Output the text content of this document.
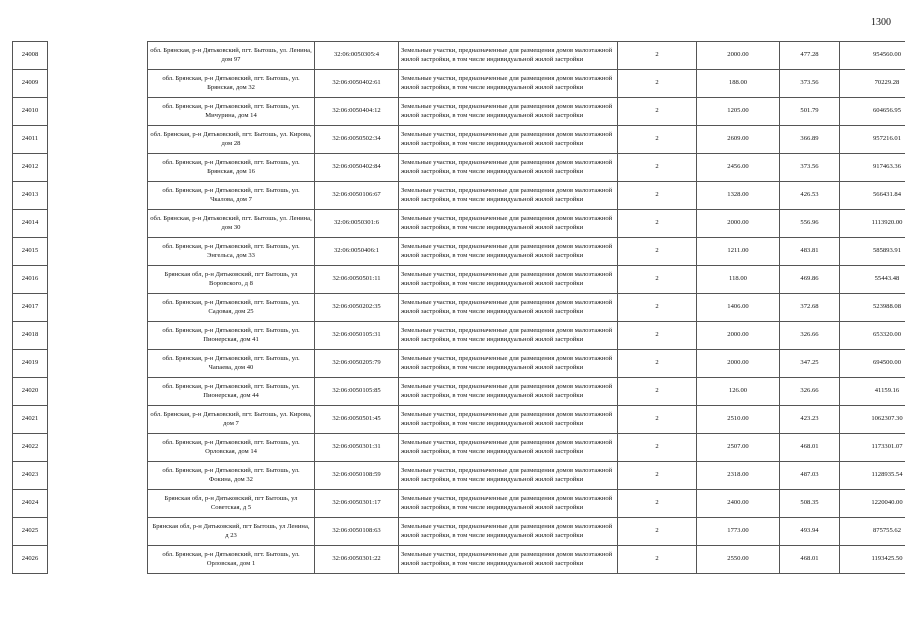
1300
24008		обл. Брянская, р-н Дятьковский, пгт. Бытошь, ул. Ленина, дом 97	32:06:0050305:4	Земельные участки, предназначенные для размещения домов малоэтажной жилой застройки, в том числе индивидуальной жилой застройки	2	2000.00	477.28	954560.00
24009		обл. Брянская, р-н Дятьковский, пгт. Бытошь, ул. Брянская, дом 32	32:06:0050402:61	Земельные участки, предназначенные для размещения домов малоэтажной жилой застройки, в том числе индивидуальной жилой застройки	2	188.00	373.56	70229.28
24010		обл. Брянская, р-н Дятьковский, пгт. Бытошь, ул. Мичурина, дом 14	32:06:0050404:12	Земельные участки, предназначенные для размещения домов малоэтажной жилой застройки, в том числе индивидуальной жилой застройки	2	1205.00	501.79	604656.95
24011		обл. Брянская, р-н Дятьковский, пгт. Бытошь, ул. Кирова, дом 28	32:06:0050502:34	Земельные участки, предназначенные для размещения домов малоэтажной жилой застройки, в том числе индивидуальной жилой застройки	2	2609.00	366.89	957216.01
24012		обл. Брянская, р-н Дятьковский, пгт. Бытошь, ул. Брянская, дом 16	32:06:0050402:84	Земельные участки, предназначенные для размещения домов малоэтажной жилой застройки, в том числе индивидуальной жилой застройки	2	2456.00	373.56	917463.36
24013		обл. Брянская, р-н Дятьковский, пгт. Бытошь, ул. Чкалова, дом 7	32:06:0050106:67	Земельные участки, предназначенные для размещения домов малоэтажной жилой застройки, в том числе индивидуальной жилой застройки	2	1328.00	426.53	566431.84
24014		обл. Брянская, р-н Дятьковский, пгт. Бытошь, ул. Ленина, дом 30	32:06:0050301:6	Земельные участки, предназначенные для размещения домов малоэтажной жилой застройки, в том числе индивидуальной жилой застройки	2	2000.00	556.96	1113920.00
24015		обл. Брянская, р-н Дятьковский, пгт. Бытошь, ул. Энгельса, дом 33	32:06:0050406:1	Земельные участки, предназначенные для размещения домов малоэтажной жилой застройки, в том числе индивидуальной жилой застройки	2	1211.00	483.81	585893.91
24016		Брянская обл, р-н Дятьковский, пгт Бытошь, ул Воровского, д 8	32:06:0050501:11	Земельные участки, предназначенные для размещения домов малоэтажной жилой застройки, в том числе индивидуальной жилой застройки	2	118.00	469.86	55443.48
24017		обл. Брянская, р-н Дятьковский, пгт. Бытошь, ул. Садовая, дом 25	32:06:0050202:35	Земельные участки, предназначенные для размещения домов малоэтажной жилой застройки, в том числе индивидуальной жилой застройки	2	1406.00	372.68	523988.08
24018		обл. Брянская, р-н Дятьковский, пгт. Бытошь, ул. Пионерская, дом 41	32:06:0050105:31	Земельные участки, предназначенные для размещения домов малоэтажной жилой застройки, в том числе индивидуальной жилой застройки	2	2000.00	326.66	653320.00
24019		обл. Брянская, р-н Дятьковский, пгт. Бытошь, ул. Чапаева, дом 40	32:06:0050205:79	Земельные участки, предназначенные для размещения домов малоэтажной жилой застройки, в том числе индивидуальной жилой застройки	2	2000.00	347.25	694500.00
24020		обл. Брянская, р-н Дятьковский, пгт. Бытошь, ул. Пионерская, дом 44	32:06:0050105:85	Земельные участки, предназначенные для размещения домов малоэтажной жилой застройки, в том числе индивидуальной жилой застройки	2	126.00	326.66	41159.16
24021		обл. Брянская, р-н Дятьковский, пгт. Бытошь, ул. Кирова, дом 7	32:06:0050501:45	Земельные участки, предназначенные для размещения домов малоэтажной жилой застройки, в том числе индивидуальной жилой застройки	2	2510.00	423.23	1062307.30
24022		обл. Брянская, р-н Дятьковский, пгт. Бытошь, ул. Орловская, дом 14	32:06:0050301:31	Земельные участки, предназначенные для размещения домов малоэтажной жилой застройки, в том числе индивидуальной жилой застройки	2	2507.00	468.01	1173301.07
24023		обл. Брянская, р-н Дятьковский, пгт. Бытошь, ул. Фокина, дом 32	32:06:0050108:59	Земельные участки, предназначенные для размещения домов малоэтажной жилой застройки, в том числе индивидуальной жилой застройки	2	2318.00	487.03	1128935.54
24024		Брянская обл, р-н Дятьковский, пгт Бытошь, ул Советская, д 5	32:06:0050301:17	Земельные участки, предназначенные для размещения домов малоэтажной жилой застройки, в том числе индивидуальной жилой застройки	2	2400.00	508.35	1220040.00
24025		Брянская обл, р-н Дятьковский, пгт Бытошь, ул Ленина, д 23	32:06:0050108:63	Земельные участки, предназначенные для размещения домов малоэтажной жилой застройки, в том числе индивидуальной жилой застройки	2	1773.00	493.94	875755.62
24026		обл. Брянская, р-н Дятьковский, пгт. Бытошь, ул. Орловская, дом 1	32:06:0050301:22	Земельные участки, предназначенные для размещения домов малоэтажной жилой застройки, в том числе индивидуальной жилой застройки	2	2550.00	468.01	1193425.50
